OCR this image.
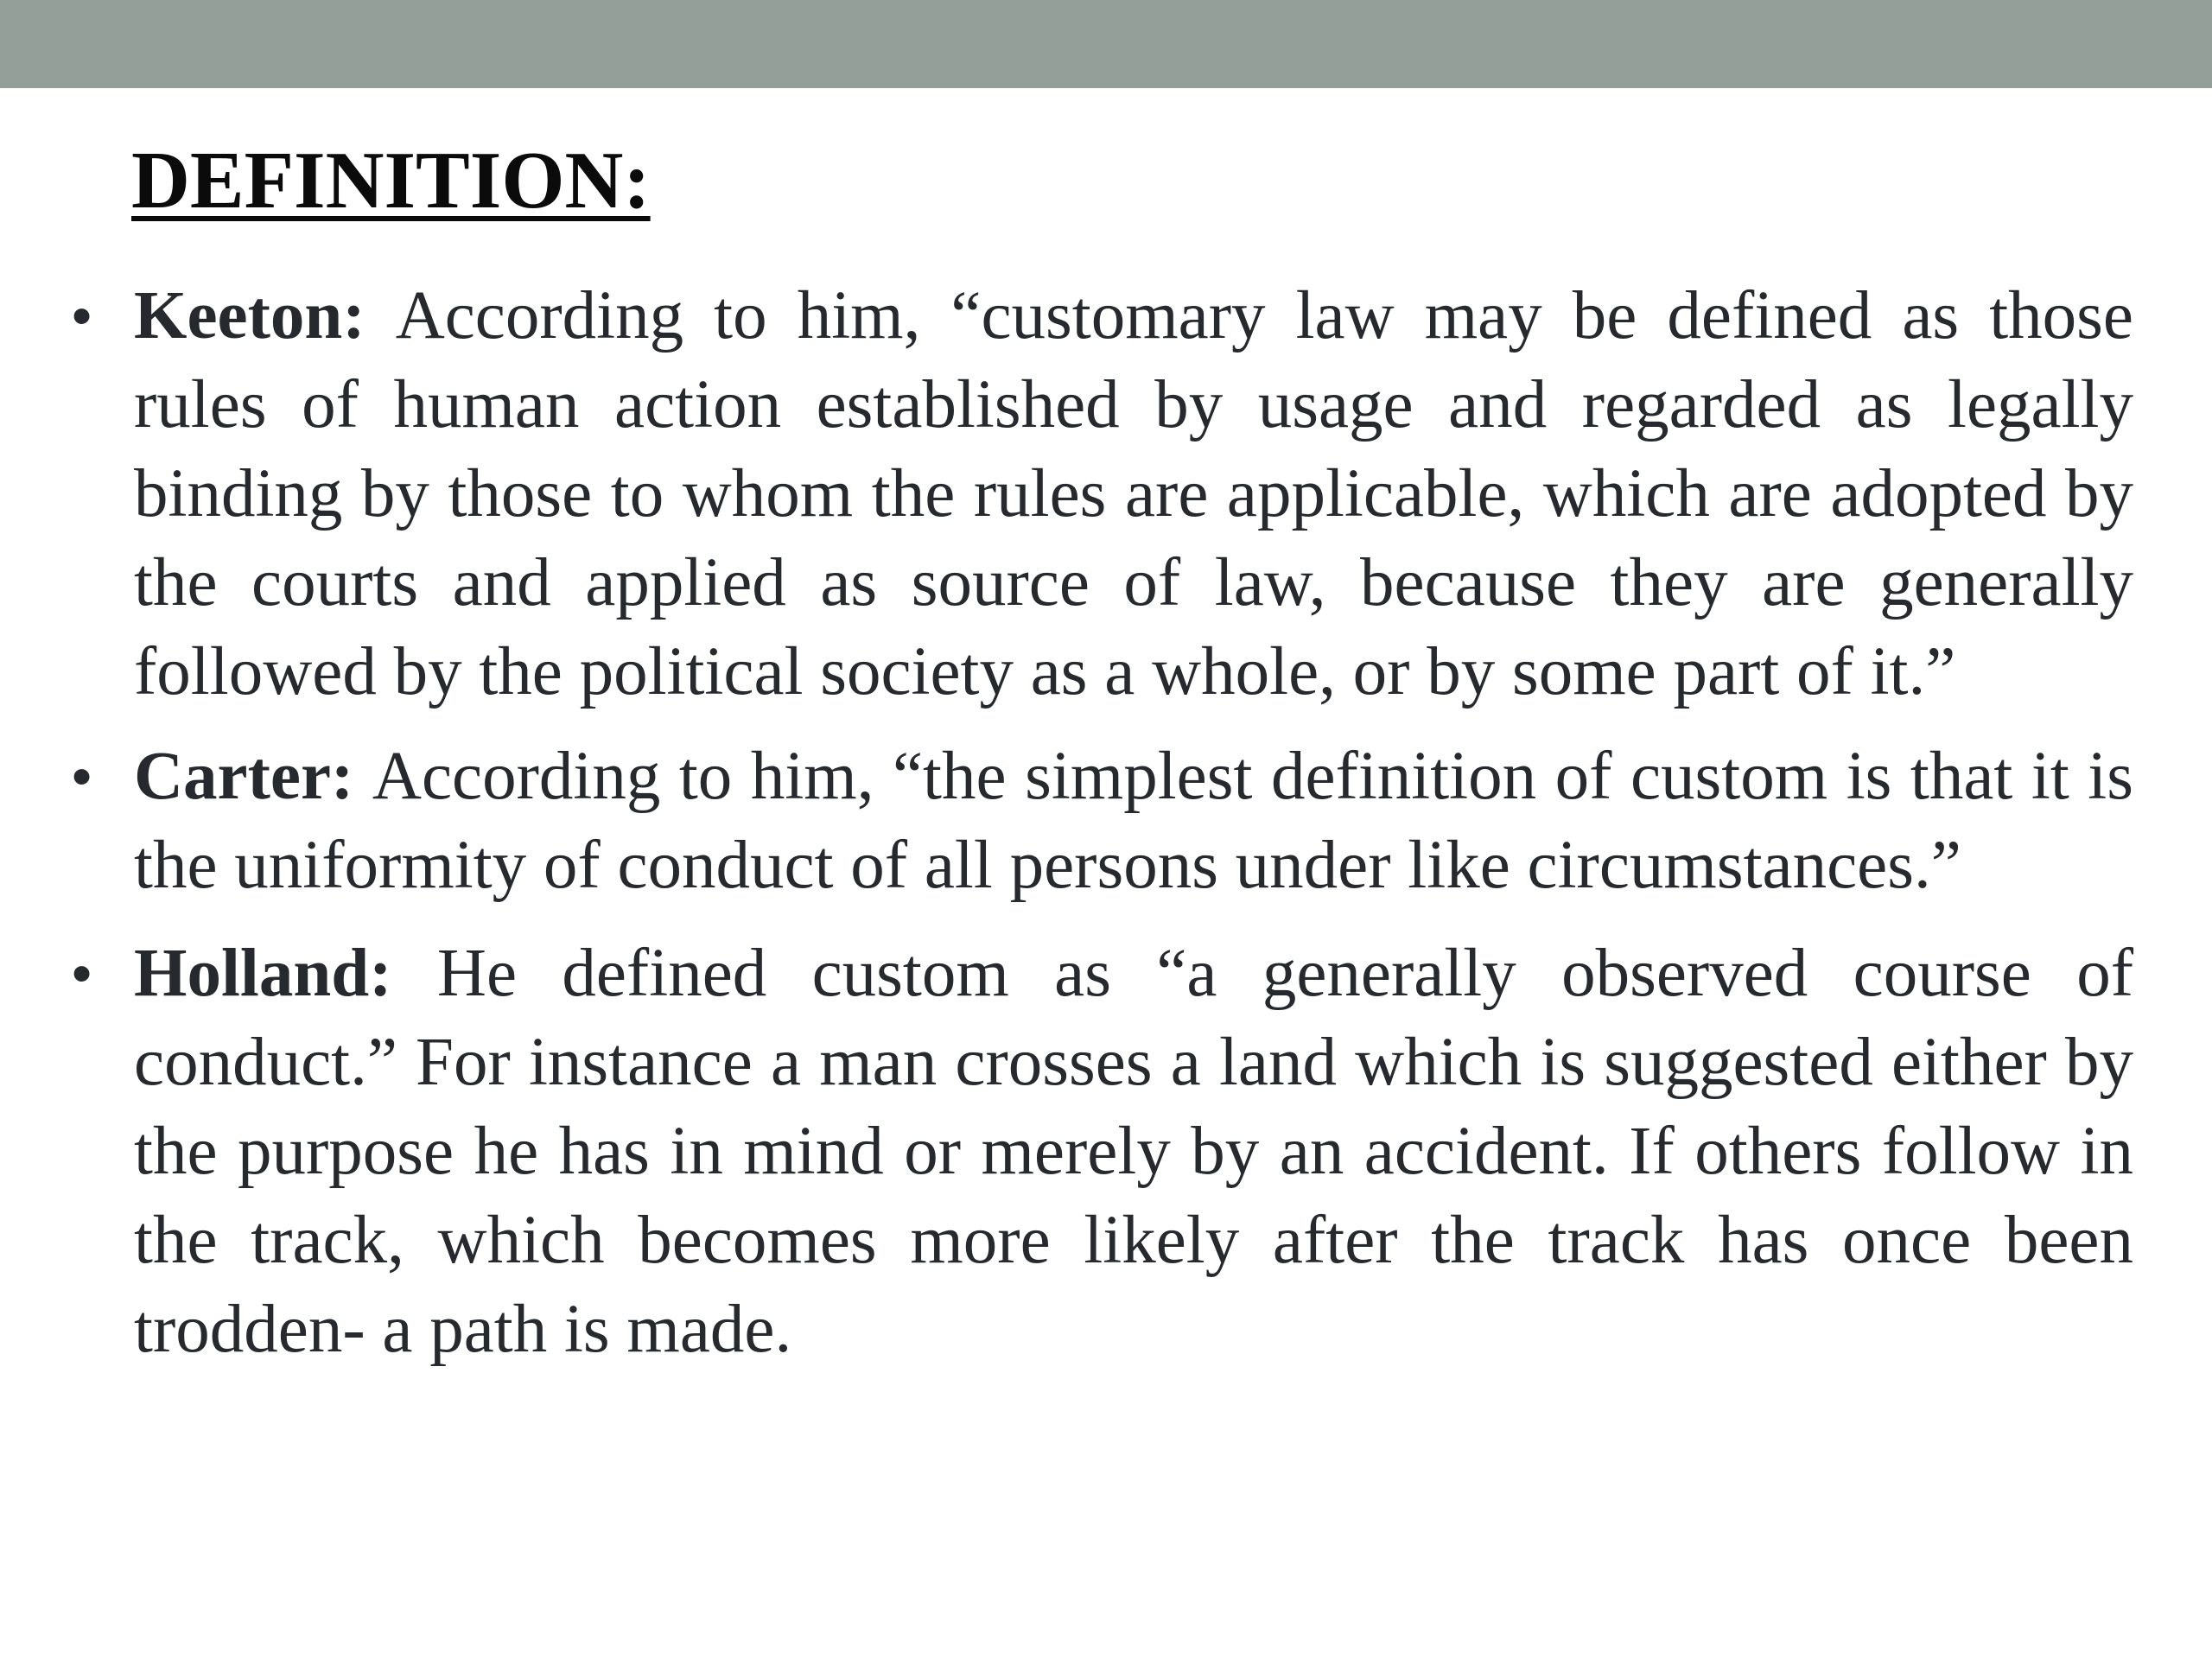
DEFINITION:
• Keeton: According to him, “customary law may be defined as those rules of human action established by usage and regarded as legally binding by those to whom the rules are applicable, which are adopted by the courts and applied as source of law, because they are generally followed by the political society as a whole, or by some part of it.”
• Carter: According to him, “the simplest definition of custom is that it is the uniformity of conduct of all persons under like circumstances.”
• Holland: He defined custom as “a generally observed course of conduct.” For instance a man crosses a land which is suggested either by the purpose he has in mind or merely by an accident. If others follow in the track, which becomes more likely after the track has once been trodden- a path is made.
